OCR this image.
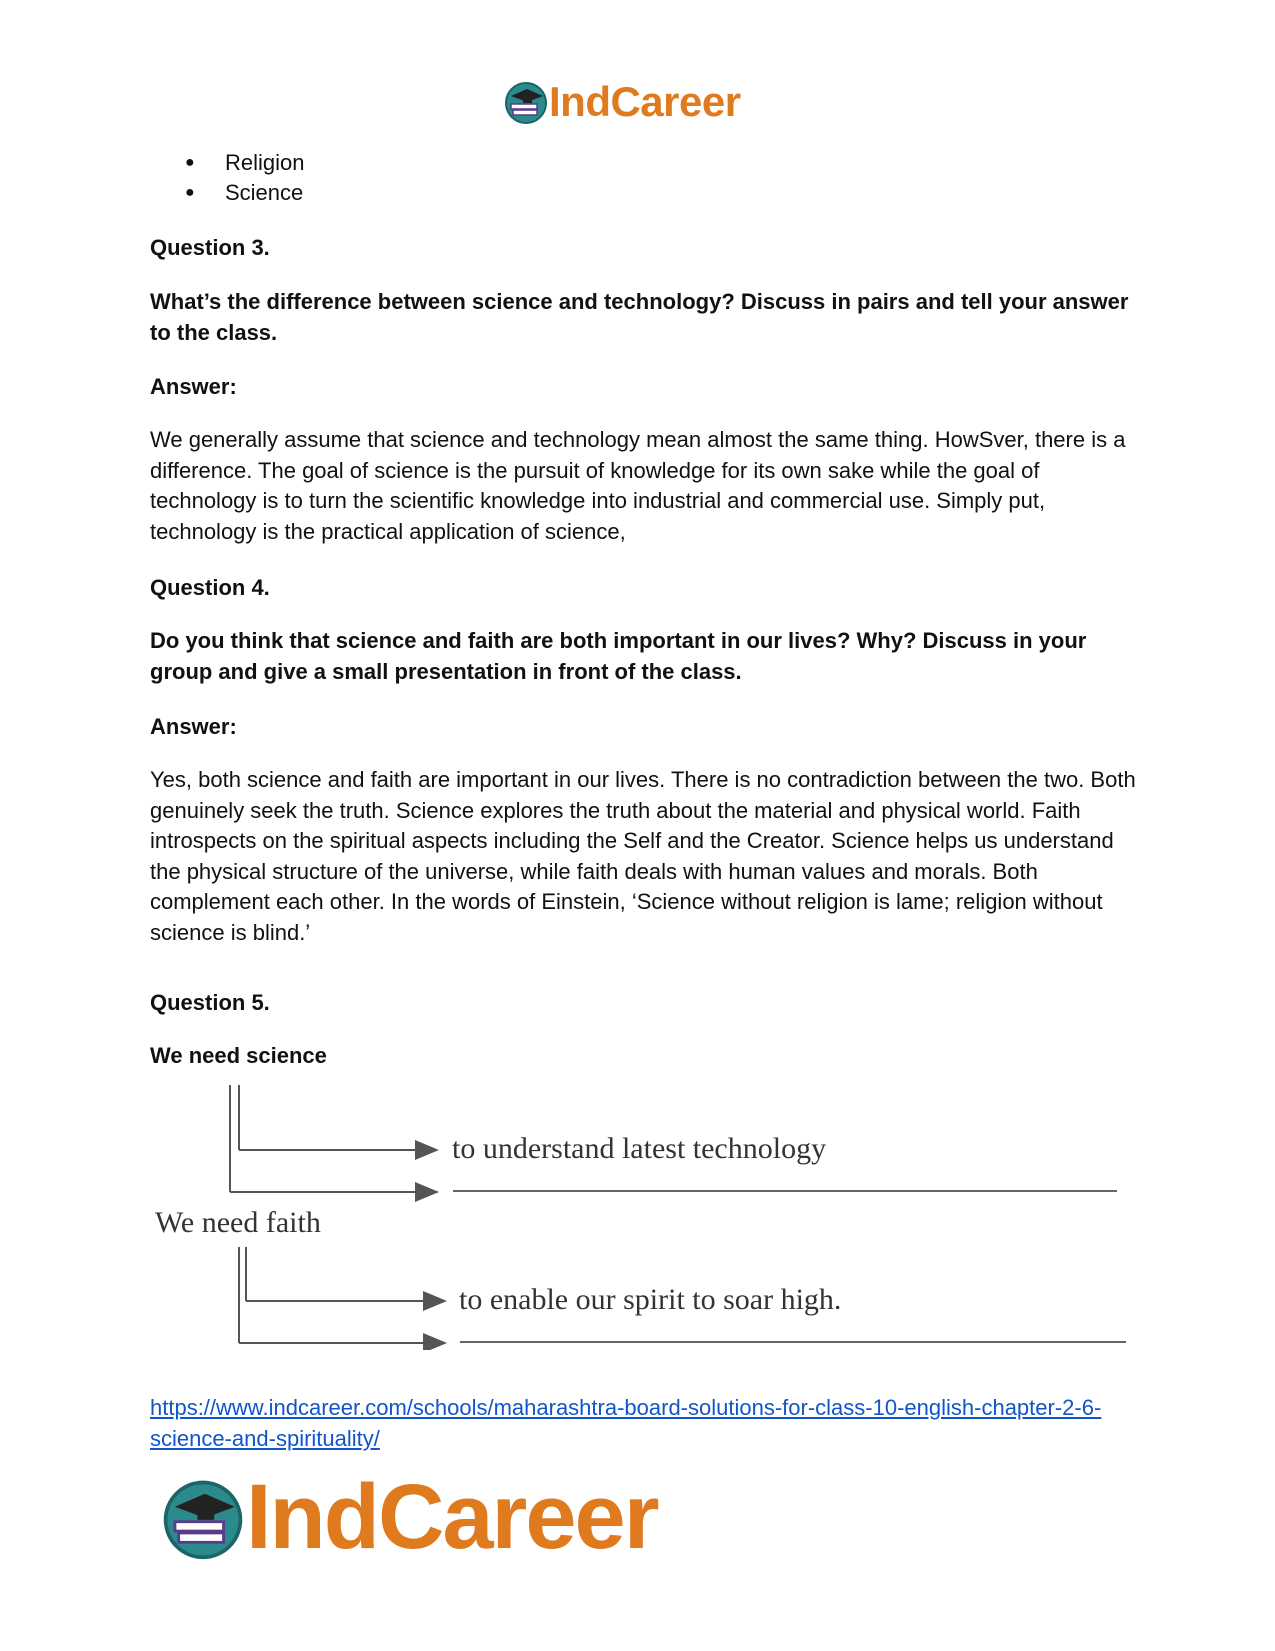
IndCareer
● Religion
● Science

Question 3.

What’s the difference between science and technology? Discuss in pairs and tell your answer to the class.

Answer:

We generally assume that science and technology mean almost the same thing. HowSver, there is a difference. The goal of science is the pursuit of knowledge for its own sake while the goal of technology is to turn the scientific knowledge into industrial and commercial use. Simply put, technology is the practical application of science,

Question 4.

Do you think that science and faith are both important in our lives? Why? Discuss in your group and give a small presentation in front of the class.

Answer:

Yes, both science and faith are important in our lives. There is no contradiction between the two. Both genuinely seek the truth. Science explores the truth about the material and physical world. Faith introspects on the spiritual aspects including the Self and the Creator. Science helps us understand the physical structure of the universe, while faith deals with human values and morals. Both complement each other. In the words of Einstein, ‘Science without religion is lame; religion without science is blind.’

Question 5.

We need science

to understand latest technology
We need faith
to enable our spirit to soar high.
https://www.indcareer.com/schools/maharashtra-board-solutions-for-class-10-english-chapter-2-6-science-and-spirituality/
IndCareer
